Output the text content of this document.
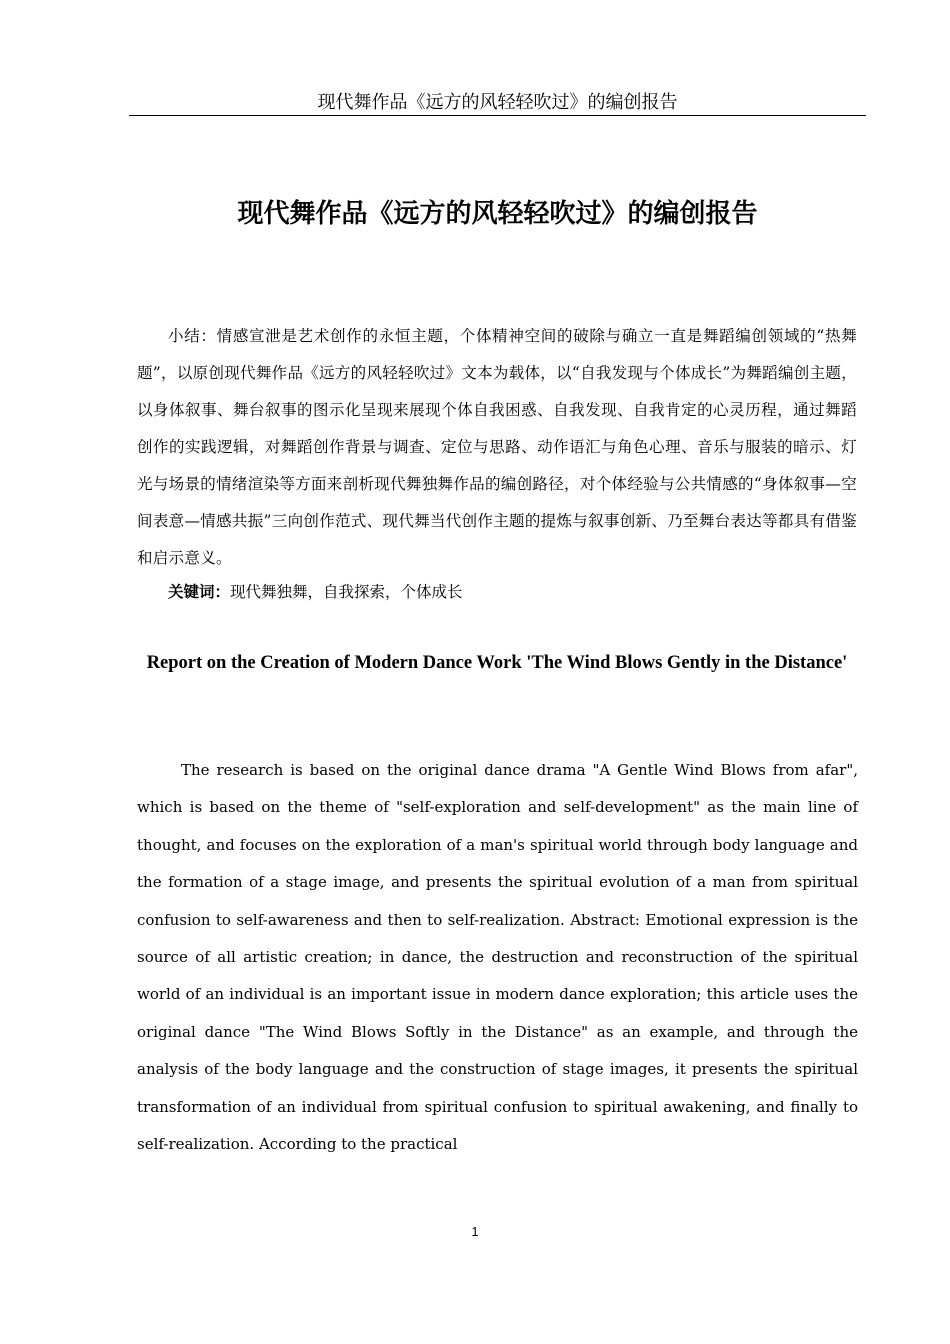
现代舞作品《远方的风轻轻吹过》的编创报告
现代舞作品《远方的风轻轻吹过》的编创报告

小结：情感宣泄是艺术创作的永恒主题，个体精神空间的破除与确立一直是舞蹈编创领域的“热舞题”，以原创现代舞作品《远方的风轻轻吹过》文本为载体，以“自我发现与个体成长”为舞蹈编创主题，以身体叙事、舞台叙事的图示化呈现来展现个体自我困惑、自我发现、自我肯定的心灵历程，通过舞蹈创作的实践逻辑，对舞蹈创作背景与调查、定位与思路、动作语汇与角色心理、音乐与服装的暗示、灯光与场景的情绪渲染等方面来剖析现代舞独舞作品的编创路径，对个体经验与公共情感的“身体叙事—空间表意—情感共振”三向创作范式、现代舞当代创作主题的提炼与叙事创新、乃至舞台表达等都具有借鉴和启示意义。

关键词：现代舞独舞，自我探索，个体成长

Report on the Creation of Modern Dance Work 'The Wind Blows Gently in the Distance'

The research is based on the original dance drama "A Gentle Wind Blows from afar", which is based on the theme of "self-exploration and self-development" as the main line of thought, and focuses on the exploration of a man's spiritual world through body language and the formation of a stage image, and presents the spiritual evolution of a man from spiritual confusion to self-awareness and then to self-realization. Abstract: Emotional expression is the source of all artistic creation; in dance, the destruction and reconstruction of the spiritual world of an individual is an important issue in modern dance exploration; this article uses the original dance "The Wind Blows Softly in the Distance" as an example, and through the analysis of the body language and the construction of stage images, it presents the spiritual transformation of an individual from spiritual confusion to spiritual awakening, and finally to self-realization. According to the practical

1
